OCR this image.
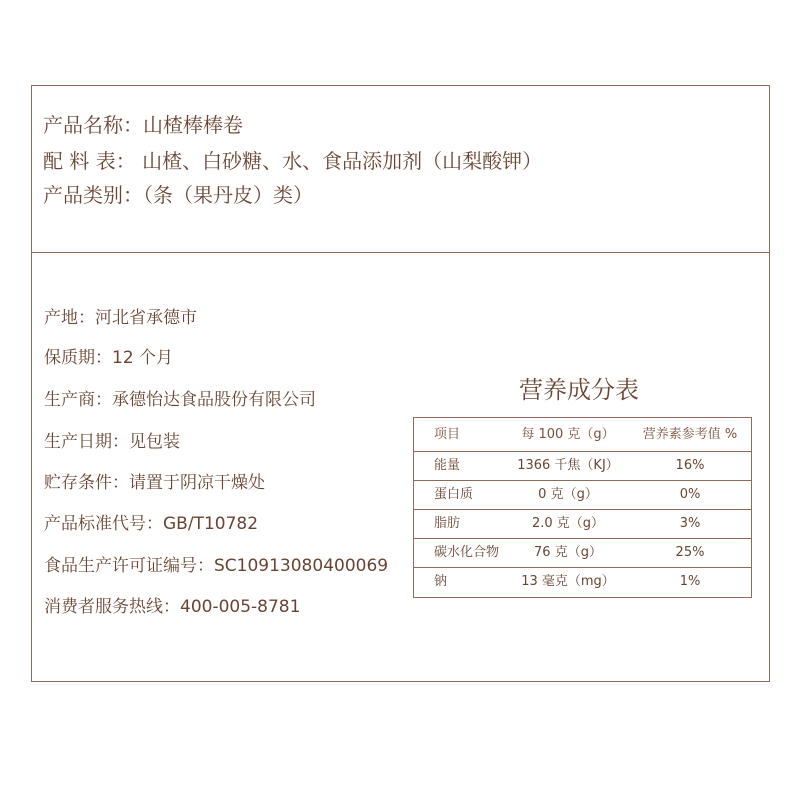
产品名称：山楂棒棒卷
配 料 表： 山楂、白砂糖、水、食品添加剂（山梨酸钾）
产品类别：（条（果丹皮）类）
产地：河北省承德市
保质期：12 个月
生产商：承德怡达食品股份有限公司
生产日期：见包装
贮存条件：请置于阴凉干燥处
产品标准代号：GB/T10782
食品生产许可证编号：SC10913080400069
消费者服务热线：400-005-8781
营养成分表
项目	每 100 克（g）	营养素参考值 %
能量	1366 千焦（KJ）	16%
蛋白质	0 克（g）	0%
脂肪	2.0 克（g）	3%
碳水化合物	76 克（g）	25%
钠	13 毫克（mg）	1%
